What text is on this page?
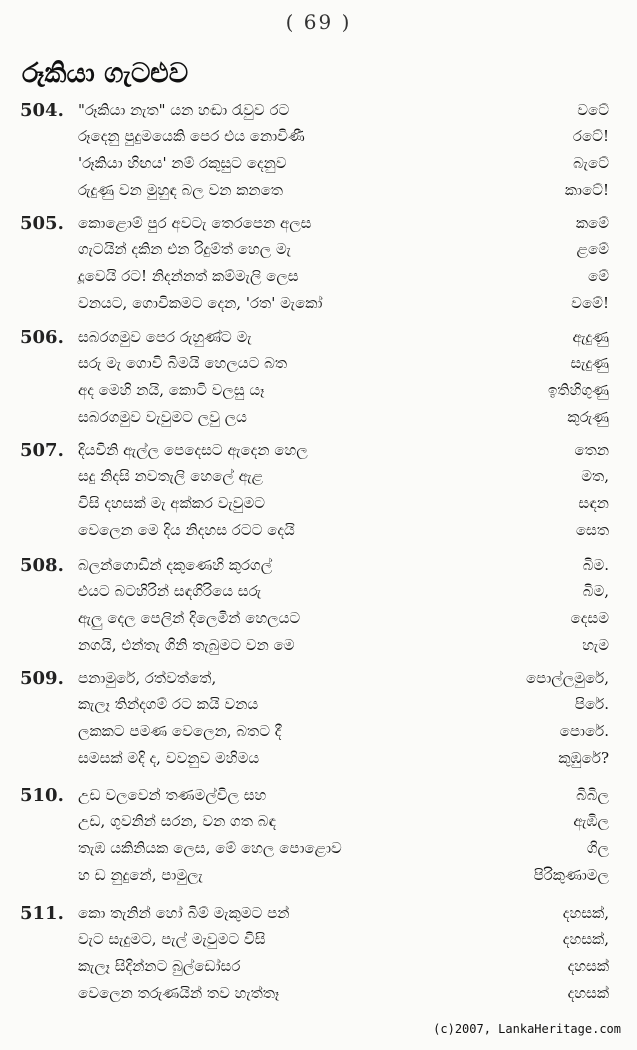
( 69 )
රූකියා ගැටළුව
504. "රූකියා නැත" යන හඬා රැවුව රට	වටේ
රූදෙනු පුදුමයෙකි පෙර එය නොවිණී	රටේ!
'රූකියා හිඟය' නම් රකුසුට දෙනුව	බැටේ
රුදුණු වන මුහුඳ බල වන කනතෙ	කාටේ!
505. කොළොම් පුර අවටැ තෙරපෙන අලස	කමේ
ගැටයින් දකින එන රිදුම්ත් හෙල මැ	ළමේ
දූවෙයි රට! නිදන්නත් කම්මැලි ලෙස	මේ
වනයට, ගොවිකමට දෙන, 'රත' මැකෝ	වමේ!
506. සබරගමුව පෙර රුහුණ්ට මැ	ඇදුණු
සරු මැ ගොවි බිමයි හෙලයට බත	සැදුණු
අද මෙහි නයි, කොටි වලසු යෑ	ඉතිහිගුණු
සබරගමුව වැවුමට ලවු ලය	කුරුණු
507. දියවිනි ඇල්ල පෙදෙසට ඇදෙන හෙල	තෙන
සදු නිදසි නවතැලි හෙලේ ඇළ	මත,
විසි දහසක් මැ අක්කර වැවුමට	සඳන
වෙලෙන මෙ දිය නිදහස රටට දෙයි	සෙත
508. බලන්ගොඩින් දකුණෙහි කුරගල්	බිම.
එයට බටහිරින් සඳගිරියෙ සරු	බිම,
ඇලු දෙල පෙලින් දිලෙමින් හෙලයට	දෙසම
නගයි, එන්තැ ගිනි තැබුමට වන මෙ	හැම
509. පනාමුරේ, රත්වත්තේ,	පොල්ලමුරේ,
කැලෑ තින්දගම් රට කයි වනය	පිරේ.
ලකකට පමණ වෙලෙන, බතට දී	පොරේ.
සමසක් මදි ද, වවනුව මහිමය	කුඹුරේ?
510. උඩ වලවෙන් තණමල්විල සහ	බිබිල
උඩ, ගුවනින් සරන, වන ගත බඳ	ඇඹිල
තැඹ යකිනියක ලෙස, මේ හෙල පොළොව	ගිල
හ ඩ නුදුනේ, පාමුලැ	පිරිකුණාමල
511. කො තැනින් හෝ බිම් මැකුමට පන්	දහසක්,
වැට සැදුමට, පැල් මැවුමට විසි	දහසක්,
කැලෑ සිදින්නට බුල්ඩෝසර	දහසක්
වෙලෙන තරුණයින් තව හැත්තෑ	දහසක්
(c)2007, LankaHeritage.com
